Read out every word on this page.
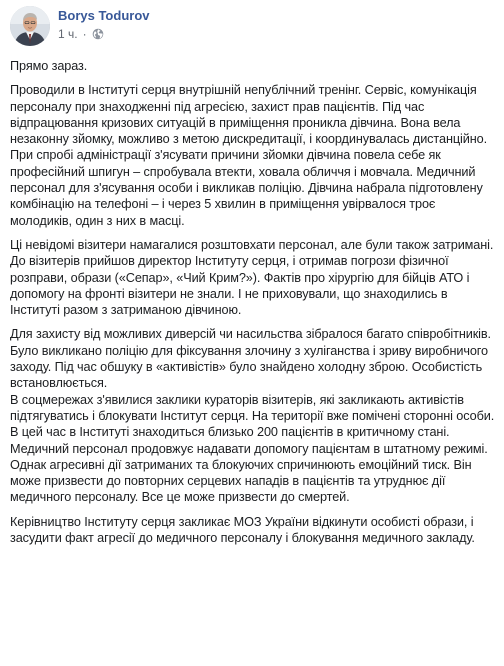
Borys Todurov
1 ч. ·

Прямо зараз.

Проводили в Інституті серця внутрішній непублічний тренінг. Сервіс, комунікація персоналу при знаходженні під агресією, захист прав пацієнтів. Під час відпрацювання кризових ситуацій в приміщення проникла дівчина. Вона вела незаконну зйомку, можливо з метою дискредитації, і координувалась дистанційно. При спробі адміністрації з'ясувати причини зйомки дівчина повела себе як професійний шпигун – спробувала втекти, ховала обличчя і мовчала. Медичний персонал для з'ясування особи і викликав поліцію. Дівчина набрала підготовлену комбінацію на телефоні – і через 5 хвилин в приміщення увірвалося троє молодиків, один з них в масці.

Ці невідомі візитери намагалися розштовхати персонал, але були також затримані. До візитерів прийшов директор Інституту серця, і отримав погрози фізичної розправи, образи («Сепар», «Чий Крим?»). Фактів про хірургію для бійців АТО і допомогу на фронті візитери не знали. І не приховували, що знаходились в Інституті разом з затриманою дівчиною.

Для захисту від можливих диверсій чи насильства зібралося багато співробітників. Було викликано поліцію для фіксування злочину з хуліганства і зриву виробничого заходу. Під час обшуку в «активістів» було знайдено холодну зброю. Особистість встановлюється.

В соцмережах з'явилися заклики кураторів візитерів, які закликають активістів підтягуватись і блокувати Інститут серця. На території вже помічені сторонні особи. В цей час в Інституті знаходиться близько 200 пацієнтів в критичному стані. Медичний персонал продовжує надавати допомогу пацієнтам в штатному режимі. Однак агресивні дії затриманих та блокуючих спричинюють емоційний тиск. Він може призвести до повторних серцевих нападів в пацієнтів та утруднює дії медичного персоналу. Все це може призвести до смертей.

Керівництво Інституту серця закликає МОЗ України відкинути особисті образи, і засудити факт агресії до медичного персоналу і блокування медичного закладу.
